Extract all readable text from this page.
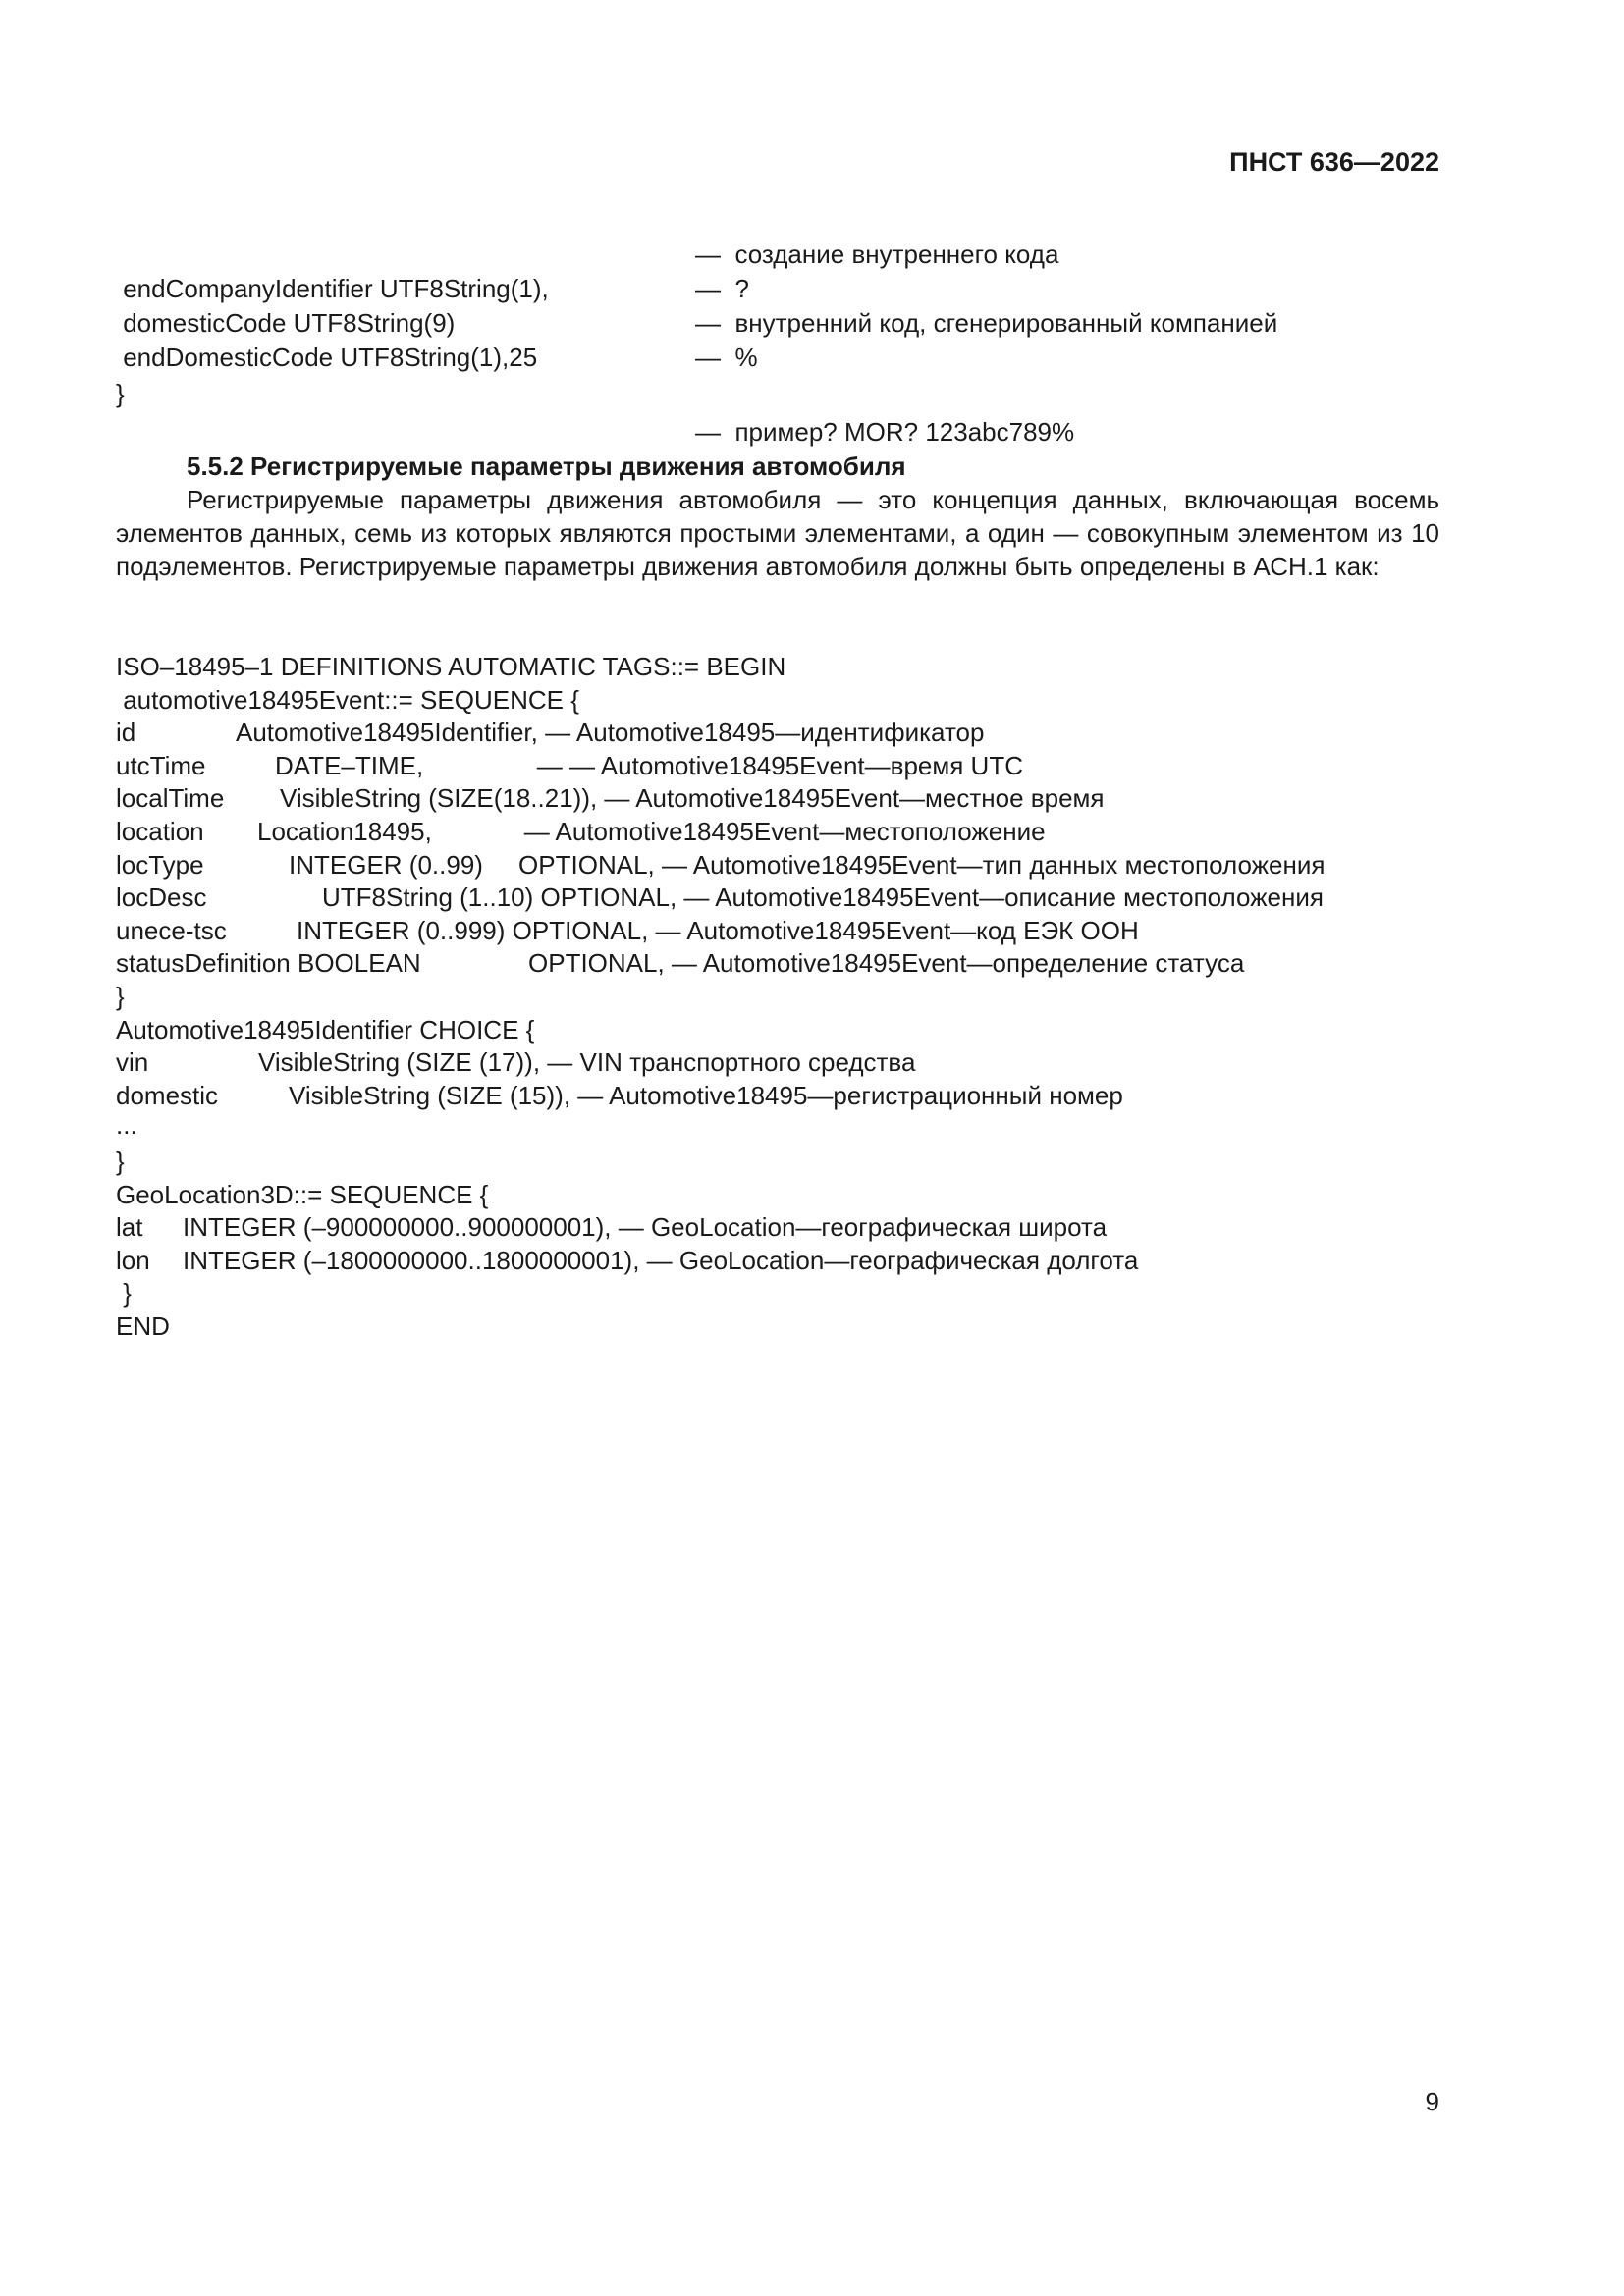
ПНСТ 636—2022
—  создание внутреннего кода
endCompanyIdentifier UTF8String(1),	—  ?
domesticCode UTF8String(9)	—  внутренний код, сгенерированный компанией
endDomesticCode UTF8String(1),25	—  %
}
—  пример? MOR? 123abc789%
5.5.2 Регистрируемые параметры движения автомобиля
Регистрируемые параметры движения автомобиля — это концепция данных, включающая восемь элементов данных, семь из которых являются простыми элементами, а один — совокупным элементом из 10 подэлементов. Регистрируемые параметры движения автомобиля должны быть определены в АСН.1 как:
ISO–18495–1 DEFINITIONS AUTOMATIC TAGS::= BEGIN
automotive18495Event::= SEQUENCE {
id	Automotive18495Identifier, — Automotive18495—идентификатор
utcTime	DATE–TIME,                — — Automotive18495Event—время UTC
localTime VisibleString (SIZE(18..21)), — Automotive18495Event—местное время
location Location18495,             — Automotive18495Event—местоположение
locType	INTEGER (0..99)     OPTIONAL, — Automotive18495Event—тип данных местоположения
locDesc	UTF8String (1..10) OPTIONAL, — Automotive18495Event—описание местоположения
unece-tsc	INTEGER (0..999) OPTIONAL, — Automotive18495Event—код ЕЭК ООН
statusDefinition BOOLEAN	OPTIONAL, — Automotive18495Event—определение статуса
}
Automotive18495Identifier CHOICE {
vin	VisibleString (SIZE (17)), — VIN транспортного средства
domestic	VisibleString (SIZE (15)), — Automotive18495—регистрационный номер
...
}
GeoLocation3D::= SEQUENCE {
lat INTEGER (–900000000..900000001), — GeoLocation—географическая широта
lon INTEGER (–1800000000..1800000001), — GeoLocation—географическая долгота
}
END
9
